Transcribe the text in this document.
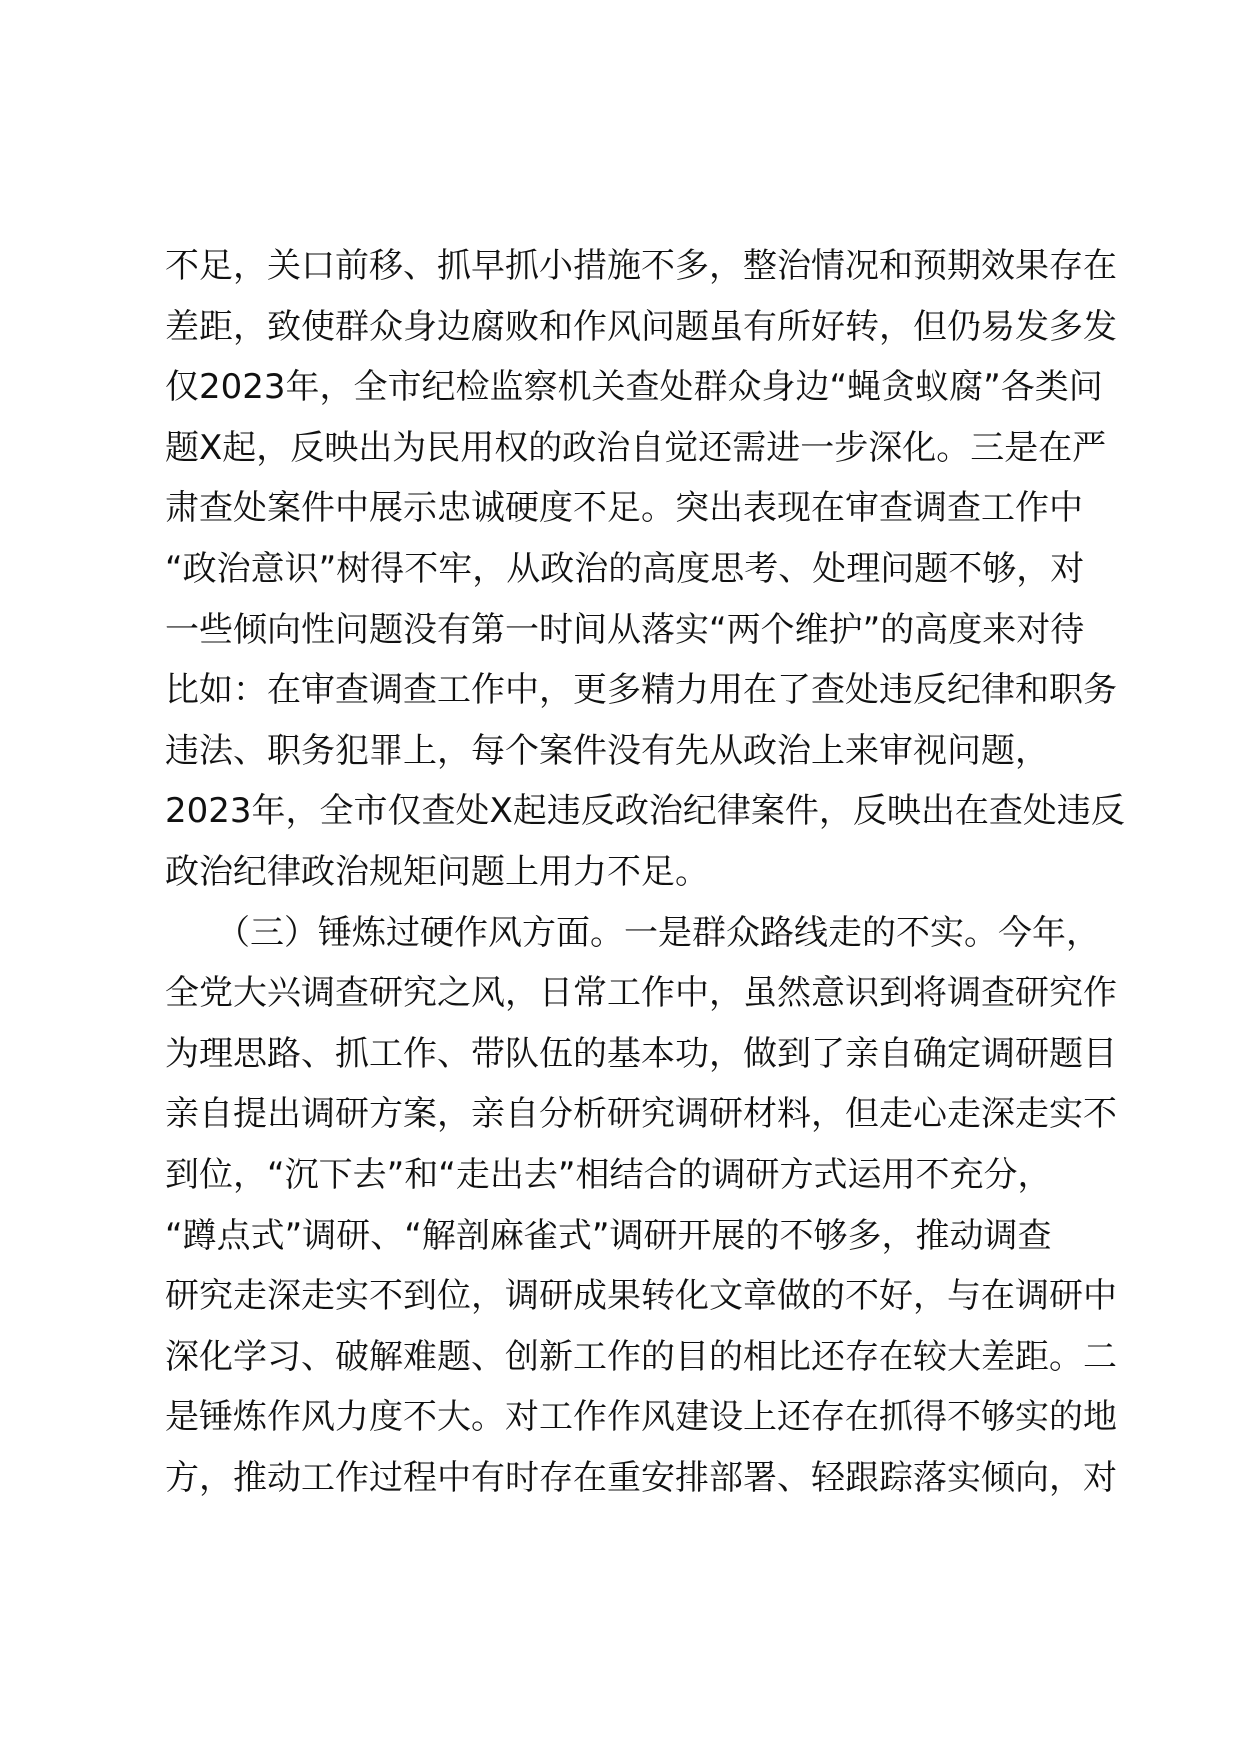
不足，关口前移、抓早抓小措施不多，整治情况和预期效果存在
差距，致使群众身边腐败和作风问题虽有所好转，但仍易发多发
仅2023年，全市纪检监察机关查处群众身边“蝇贪蚁腐”各类问
题X起，反映出为民用权的政治自觉还需进一步深化。三是在严
肃查处案件中展示忠诚硬度不足。突出表现在审查调查工作中
“政治意识”树得不牢，从政治的高度思考、处理问题不够，对
一些倾向性问题没有第一时间从落实“两个维护”的高度来对待
比如：在审查调查工作中，更多精力用在了查处违反纪律和职务
违法、职务犯罪上，每个案件没有先从政治上来审视问题，
2023年，全市仅查处X起违反政治纪律案件，反映出在查处违反
政治纪律政治规矩问题上用力不足。
　　（三）锤炼过硬作风方面。一是群众路线走的不实。今年，
全党大兴调查研究之风，日常工作中，虽然意识到将调查研究作
为理思路、抓工作、带队伍的基本功，做到了亲自确定调研题目
亲自提出调研方案，亲自分析研究调研材料，但走心走深走实不
到位，“沉下去”和“走出去”相结合的调研方式运用不充分，
“蹲点式”调研、“解剖麻雀式”调研开展的不够多，推动调查
研究走深走实不到位，调研成果转化文章做的不好，与在调研中
深化学习、破解难题、创新工作的目的相比还存在较大差距。二
是锤炼作风力度不大。对工作作风建设上还存在抓得不够实的地
方，推动工作过程中有时存在重安排部署、轻跟踪落实倾向，对
